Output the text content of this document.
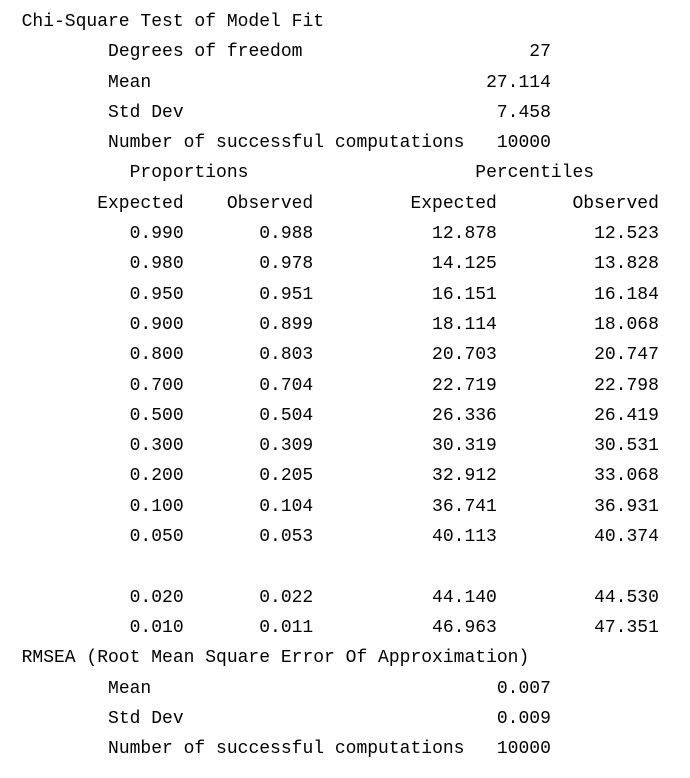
Chi-Square Test of Model Fit
Degrees of freedom	27
Mean	27.114
Std Dev	7.458
Number of successful computations 10000
Proportions	Percentiles
Expected Observed	Expected	Observed
0.990	0.988	12.878	12.523
0.980	0.978	14.125	13.828
0.950	0.951	16.151	16.184
0.900	0.899	18.114	18.068
0.800	0.803	20.703	20.747
0.700	0.704	22.719	22.798
0.500	0.504	26.336	26.419
0.300	0.309	30.319	30.531
0.200	0.205	32.912	33.068
0.100	0.104	36.741	36.931
0.050	0.053	40.113	40.374
0.020	0.022	44.140	44.530
0.010	0.011	46.963	47.351
RMSEA (Root Mean Square Error Of Approximation)
Mean	0.007
Std Dev	0.009
Number of successful computations 10000
